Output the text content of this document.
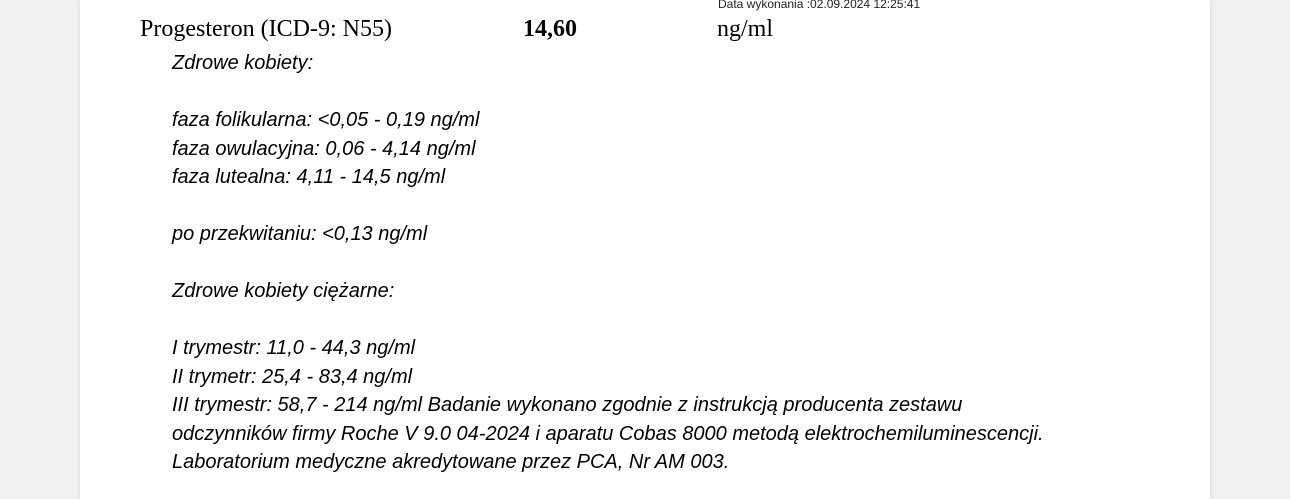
Data wykonania :02.09.2024 12:25:41
Progesteron (ICD-9: N55)	14,60	ng/ml
Zdrowe kobiety:
faza folikularna: <0,05 - 0,19 ng/ml
faza owulacyjna: 0,06 - 4,14 ng/ml
faza lutealna: 4,11 - 14,5 ng/ml
po przekwitaniu: <0,13 ng/ml
Zdrowe kobiety ciężarne:
I trymestr: 11,0 - 44,3 ng/ml
II trymetr: 25,4 - 83,4 ng/ml
III trymestr: 58,7 - 214 ng/ml Badanie wykonano zgodnie z instrukcją producenta zestawu
odczynników firmy Roche V 9.0 04-2024 i aparatu Cobas 8000 metodą elektrochemiluminescencji.
Laboratorium medyczne akredytowane przez PCA, Nr AM 003.
